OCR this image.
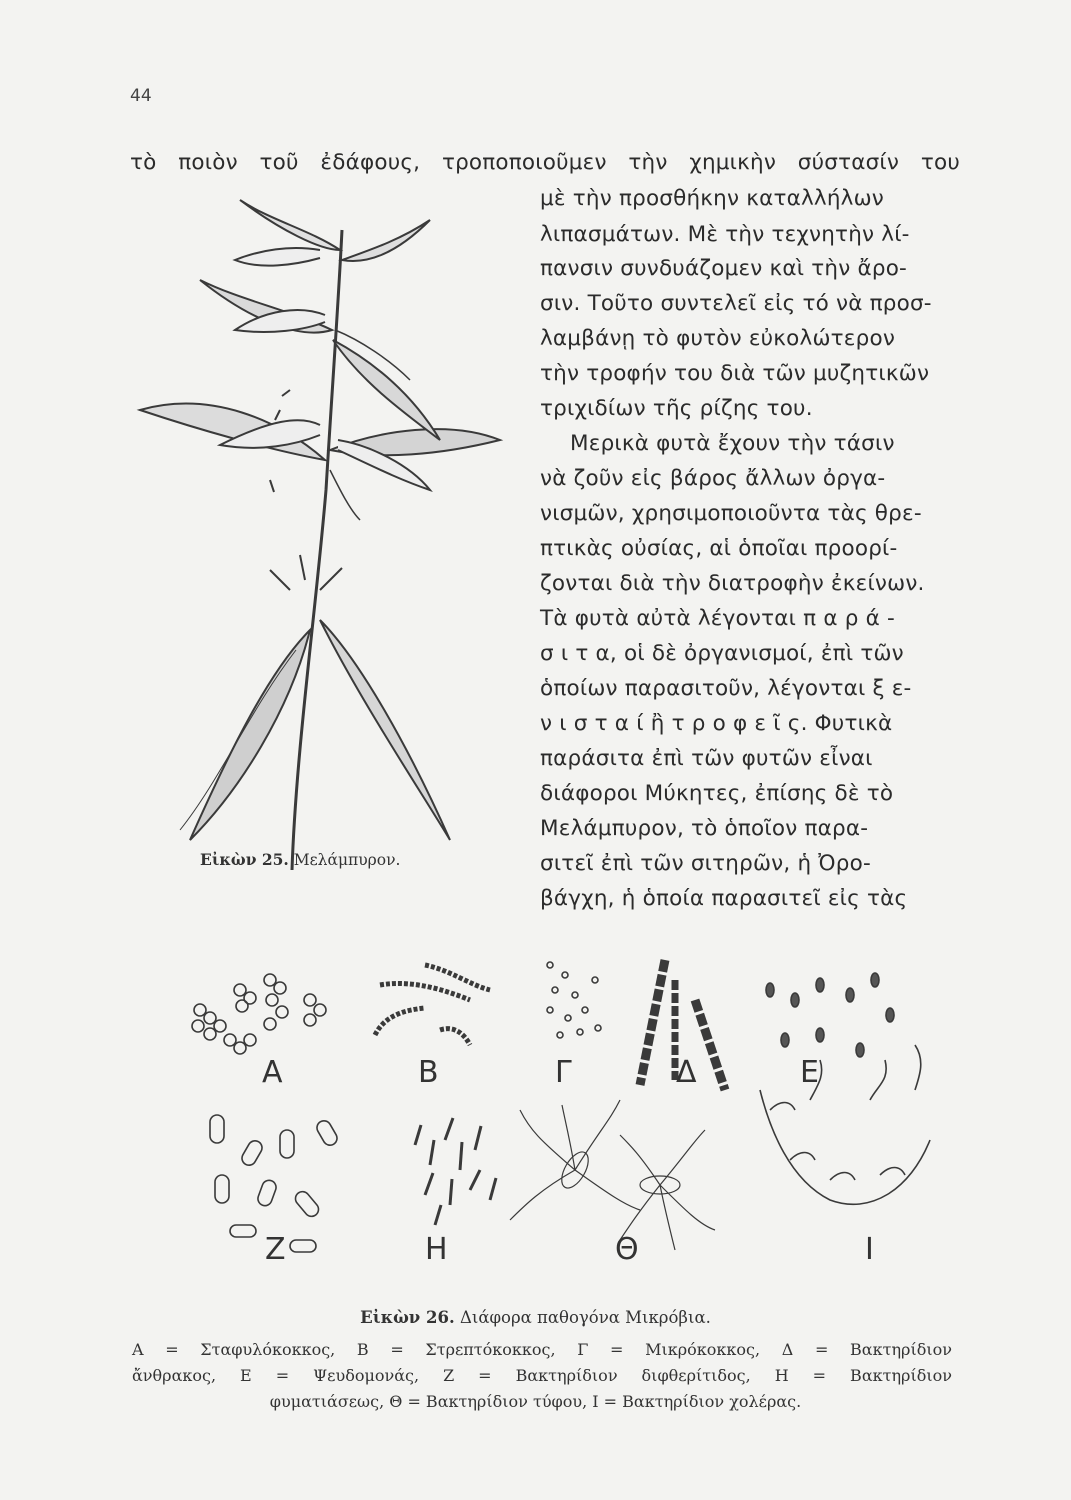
44
τὸ ποιὸν τοῦ ἐδάφους, τροποποιοῦμεν τὴν χημικὴν σύστασίν του
μὲ τὴν προσθήκην καταλλήλων
λιπασμάτων. Μὲ τὴν τεχνητὴν λί-
πανσιν συνδυάζομεν καὶ τὴν ἄρο-
σιν. Τοῦτο συντελεῖ εἰς τό νὰ προσ-
λαμβάνῃ τὸ φυτὸν εὐκολώτερον
τὴν τροφήν του διὰ τῶν μυζητικῶν
τριχιδίων τῆς ρίζης του.
Μερικὰ φυτὰ ἔχουν τὴν τάσιν
νὰ ζοῦν εἰς βάρος ἄλλων ὀργα-
νισμῶν, χρησιμοποιοῦντα τὰς θρε-
πτικὰς οὐσίας, αἱ ὁποῖαι προορί-
ζονται διὰ τὴν διατροφὴν ἐκείνων.
Τὰ φυτὰ αὐτὰ λέγονται π α ρ ά -
σ ι τ α, οἱ δὲ ὀργανισμοί, ἐπὶ τῶν
ὁποίων παρασιτοῦν, λέγονται ξ ε-
ν ι σ τ α ί ἢ τ ρ ο φ ε ῖ ς. Φυτικὰ
παράσιτα ἐπὶ τῶν φυτῶν εἶναι
διάφοροι Μύκητες, ἐπίσης δὲ τὸ
Μελάμπυρον, τὸ ὁποῖον παρα-
σιτεῖ ἐπὶ τῶν σιτηρῶν, ἡ Ὀρο-
βάγχη, ἡ ὁποία παρασιτεῖ εἰς τὰς
Εἰκὼν 25. Μελάμπυρον.
A	B	Γ	Δ	E
Z	H	Θ	I
Εἰκὼν 26. Διάφορα παθογόνα Μικρόβια.
A = Σταφυλόκοκκος, B = Στρεπτόκοκκος, Γ = Μικρόκοκκος, Δ = Βακτηρίδιον
ἄνθρακος, E = Ψευδομονάς, Z = Βακτηρίδιον διφθερίτιδος, H = Βακτηρίδιον
φυματιάσεως, Θ = Βακτηρίδιον τύφου, I = Βακτηρίδιον χολέρας.
